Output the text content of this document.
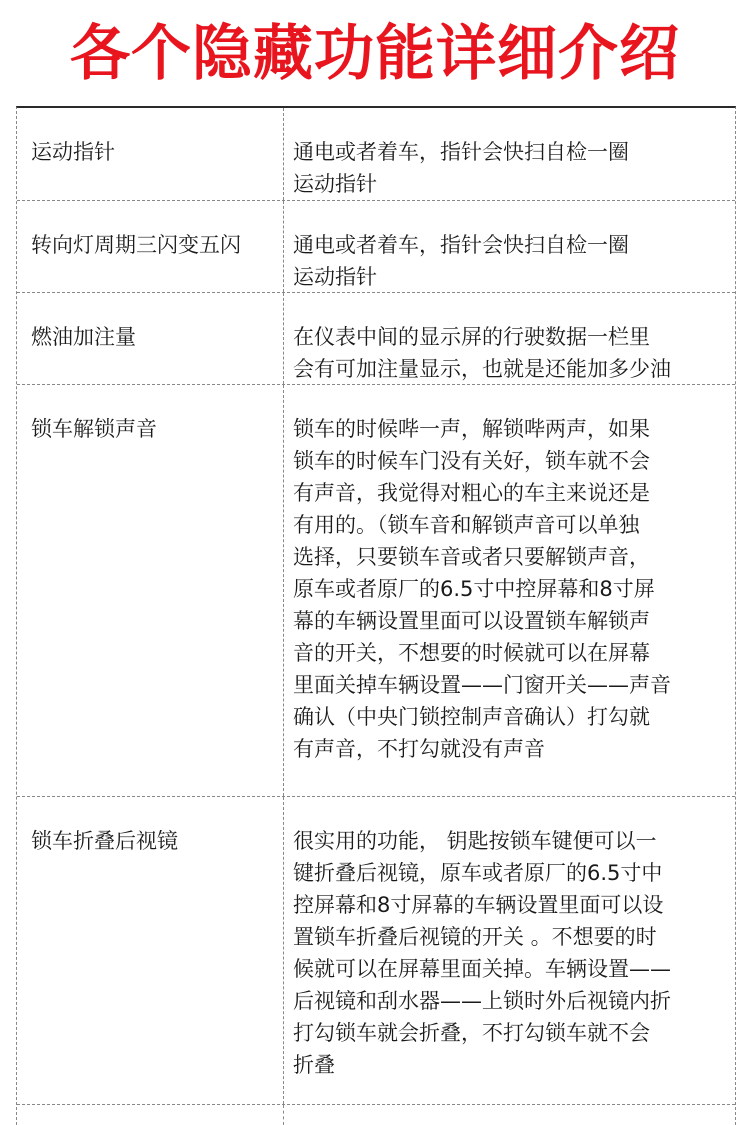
各个隐藏功能详细介绍
运动指针	通电或者着车，指针会快扫自检一圈
运动指针
转向灯周期三闪变五闪	通电或者着车，指针会快扫自检一圈
运动指针
燃油加注量	在仪表中间的显示屏的行驶数据一栏里
会有可加注量显示，也就是还能加多少油
锁车解锁声音	锁车的时候哔一声，解锁哔两声，如果
锁车的时候车门没有关好，锁车就不会
有声音，我觉得对粗心的车主来说还是
有用的。（锁车音和解锁声音可以单独
选择，只要锁车音或者只要解锁声音，
原车或者原厂的6.5寸中控屏幕和8寸屏
幕的车辆设置里面可以设置锁车解锁声
音的开关，不想要的时候就可以在屏幕
里面关掉车辆设置——门窗开关——声音
确认（中央门锁控制声音确认）打勾就
有声音，不打勾就没有声音
锁车折叠后视镜	很实用的功能， 钥匙按锁车键便可以一
键折叠后视镜，原车或者原厂的6.5寸中
控屏幕和8寸屏幕的车辆设置里面可以设
置锁车折叠后视镜的开关 。不想要的时
候就可以在屏幕里面关掉。车辆设置——
后视镜和刮水器——上锁时外后视镜内折
打勾锁车就会折叠，不打勾锁车就不会
折叠
